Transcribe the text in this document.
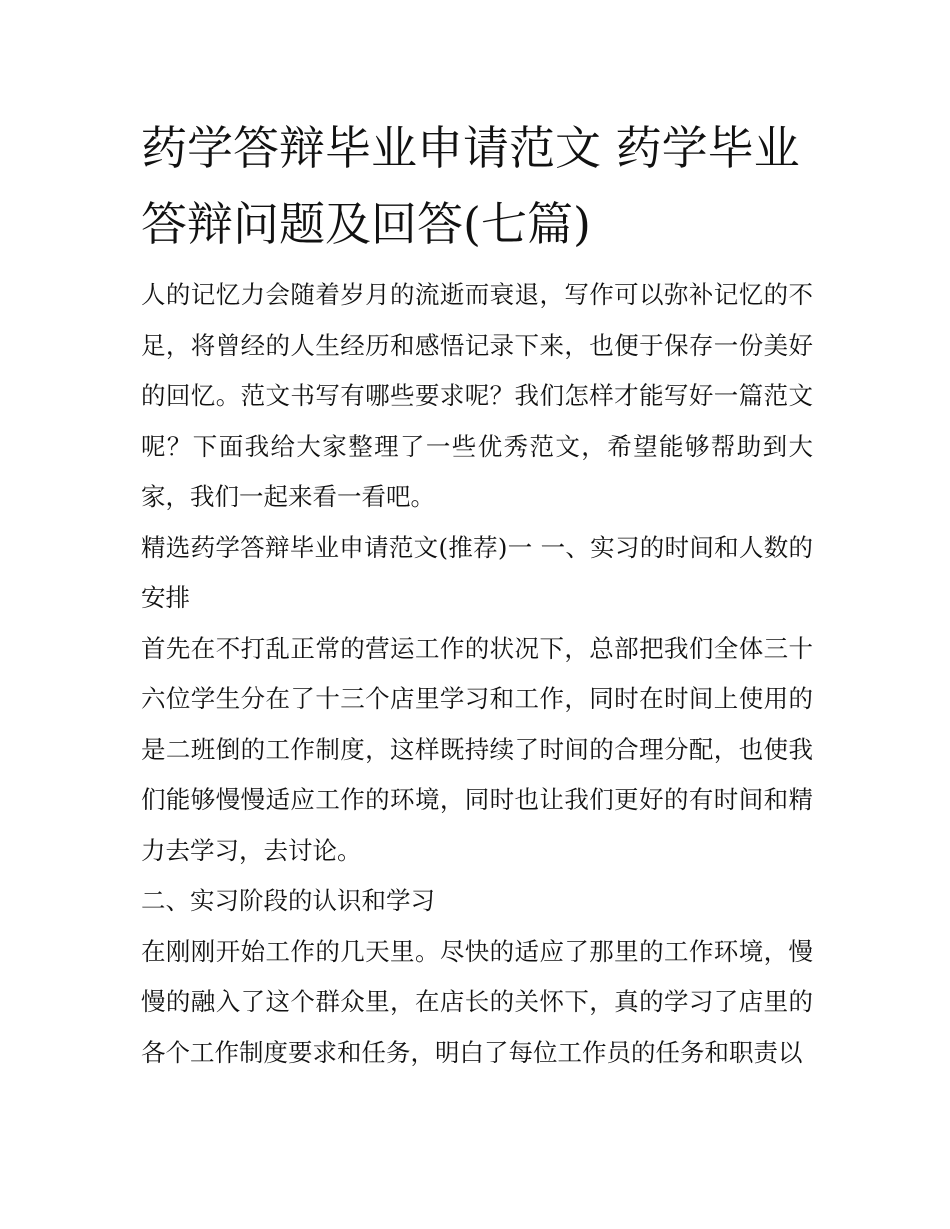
药学答辩毕业申请范文 药学毕业答辩问题及回答(七篇)

人的记忆力会随着岁月的流逝而衰退，写作可以弥补记忆的不足，将曾经的人生经历和感悟记录下来，也便于保存一份美好的回忆。范文书写有哪些要求呢？我们怎样才能写好一篇范文呢？下面我给大家整理了一些优秀范文，希望能够帮助到大家，我们一起来看一看吧。

精选药学答辩毕业申请范文(推荐)一 一、实习的时间和人数的安排

首先在不打乱正常的营运工作的状况下，总部把我们全体三十六位学生分在了十三个店里学习和工作，同时在时间上使用的是二班倒的工作制度，这样既持续了时间的合理分配，也使我们能够慢慢适应工作的环境，同时也让我们更好的有时间和精力去学习，去讨论。

二、实习阶段的认识和学习

在刚刚开始工作的几天里。尽快的适应了那里的工作环境，慢慢的融入了这个群众里，在店长的关怀下，真的学习了店里的各个工作制度要求和任务，明白了每位工作员的任务和职责以
